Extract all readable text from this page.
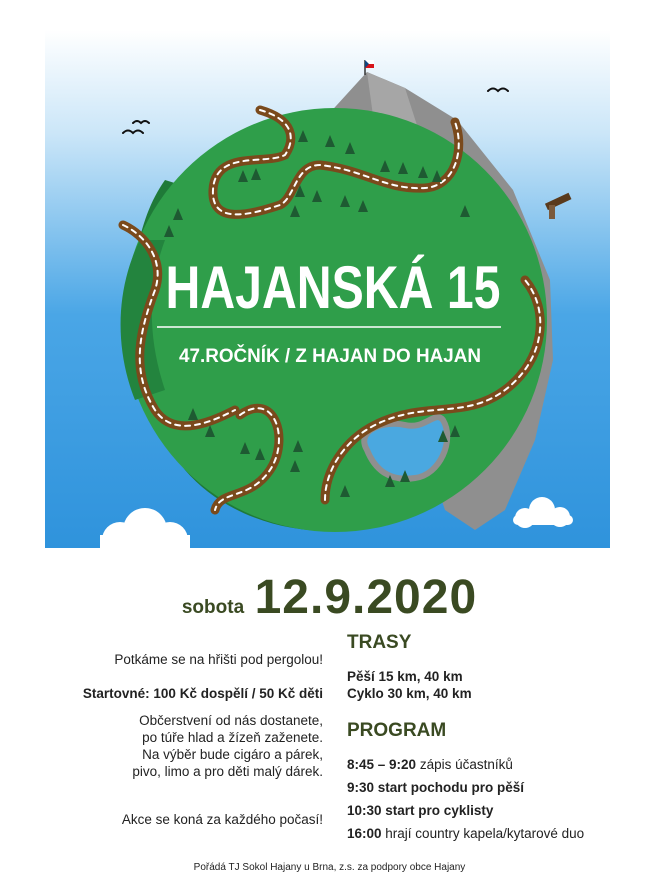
HAJANSKÁ 15
47.ROČNÍK / Z HAJAN DO HAJAN
sobota 12.9.2020

Potkáme se na hřišti pod pergolou!

Startovné: 100 Kč dospělí / 50 Kč děti

Občerstvení od nás dostanete,

po túře hlad a žízeň zaženete.

Na výběr bude cigáro a párek,

pivo, limo a pro děti malý dárek.

Akce se koná za každého počasí!

TRASY

Pěší 15 km, 40 km

Cyklo 30 km, 40 km

PROGRAM

8:45 – 9:20 zápis účastníků

9:30 start pochodu pro pěší

10:30 start pro cyklisty

16:00 hrají country kapela/kytarové duo

Pořádá TJ Sokol Hajany u Brna, z.s. za podpory obce Hajany
